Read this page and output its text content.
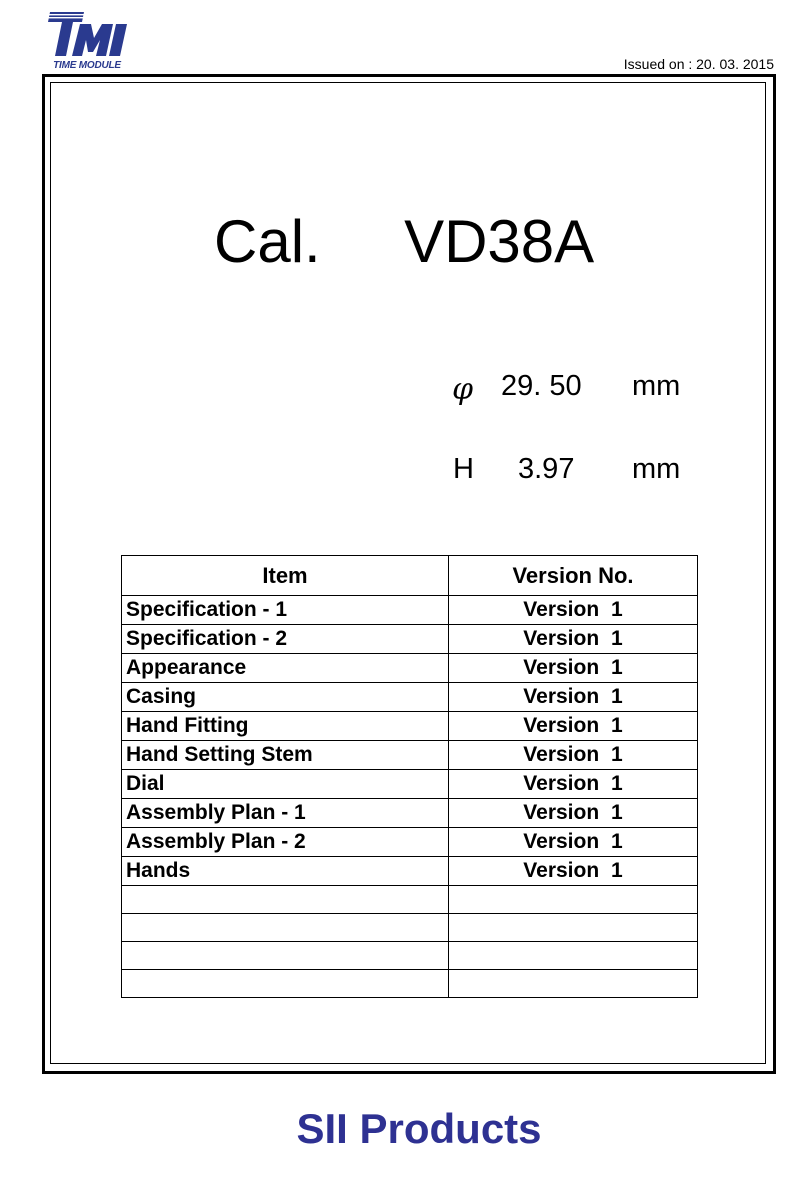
TIME MODULE	Issued on : 20. 03. 2015
Cal. VD38A
φ 29. 50 mm
H 3.97 mm
Item	Version No.
Specification - 1	Version 1
Specification - 2	Version 1
Appearance	Version 1
Casing	Version 1
Hand Fitting	Version 1
Hand Setting Stem	Version 1
Dial	Version 1
Assembly Plan - 1	Version 1
Assembly Plan - 2	Version 1
Hands	Version 1

SII Products
